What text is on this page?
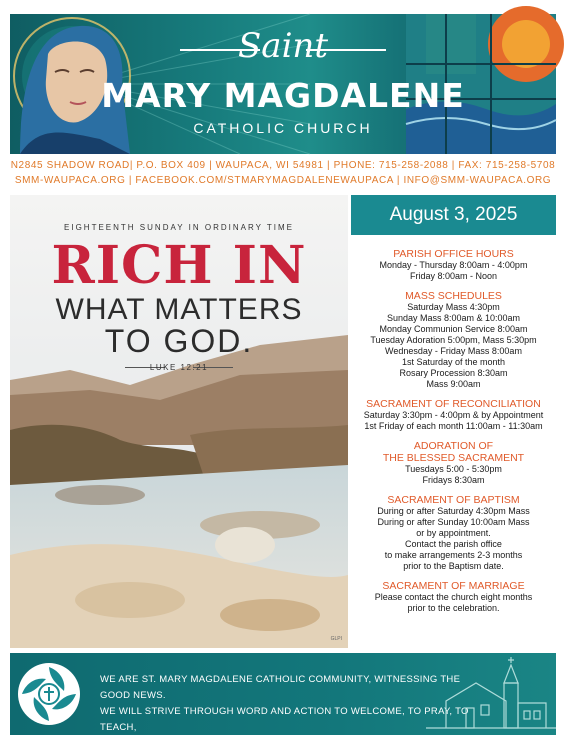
Saint
MARY MAGDALENE
CATHOLIC CHURCH
N2845 SHADOW ROAD| P.O. BOX 409 | WAUPACA, WI 54981 | PHONE: 715-258-2088 | FAX: 715-258-5708
SMM-WAUPACA.ORG | FACEBOOK.COM/STMARYMAGDALENEWAUPACA | INFO@SMM-WAUPACA.ORG
EIGHTEENTH SUNDAY IN ORDINARY TIME
RICH IN
WHAT MATTERS
TO GOD.
LUKE 12:21
GLPI
August 3, 2025
PARISH OFFICE HOURS

Monday - Thursday 8:00am - 4:00pm

Friday 8:00am - Noon

MASS SCHEDULES

Saturday Mass 4:30pm

Sunday Mass 8:00am & 10:00am

Monday Communion Service 8:00am

Tuesday Adoration 5:00pm, Mass 5:30pm

Wednesday - Friday Mass 8:00am

1st Saturday of the month

Rosary Procession 8:30am

Mass 9:00am

SACRAMENT OF RECONCILIATION

Saturday 3:30pm - 4:00pm & by Appointment

1st Friday of each month 11:00am - 11:30am

ADORATION OF
THE BLESSED SACRAMENT

Tuesdays 5:00 - 5:30pm

Fridays 8:30am

SACRAMENT OF BAPTISM

During or after Saturday 4:30pm Mass

During or after Sunday 10:00am Mass

or by appointment.

Contact the parish office

to make arrangements 2-3 months

prior to the Baptism date.

SACRAMENT OF MARRIAGE

Please contact the church eight months

prior to the celebration.

WE ARE ST. MARY MAGDALENE CATHOLIC COMMUNITY, WITNESSING THE GOOD NEWS.
WE WILL STRIVE THROUGH WORD AND ACTION TO WELCOME, TO PRAY, TO TEACH,
TO SHARE, TO HEAL—REFLECTING CHRIST TO THE TOTAL COMMUNITY.
